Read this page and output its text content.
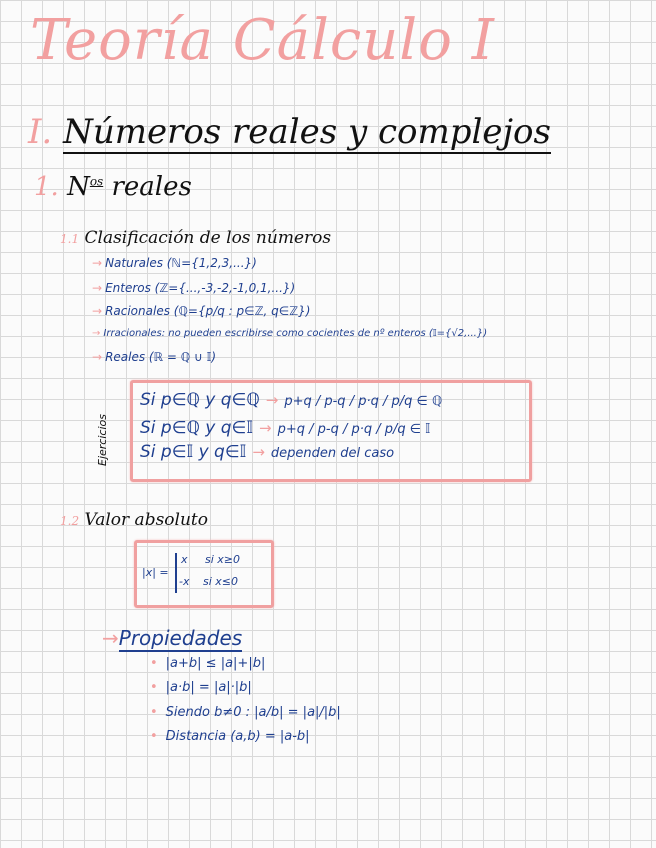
Teoría Cálculo I
I. Números reales y complejos
1. $N^{os}$ reales
1.1 Clasificación de los números
→ Naturales (ℕ={1,2,3,...})
→ Enteros (ℤ={...,-3,-2,-1,0,1,...})
→ Racionales (ℚ={p/q : p∈ℤ, q∈ℤ})
→ Irracionales: no pueden escribirse como cocientes de nº enteros (𝕀={√2,...})
→ Reales (ℝ = ℚ ∪ 𝕀)
Ejercicios
Si p∈ℚ y q∈ℚ → p+q / p-q / p·q / p/q ∈ ℚ
Si p∈ℚ y q∈𝕀 → p+q / p-q / p·q / p/q ∈ 𝕀
Si p∈𝕀 y q∈𝕀 → dependen del caso
1.2 Valor absoluto
|x| =
x si x≥0
-x si x≤0
→Propiedades
• |a+b| ≤ |a|+|b|
• |a·b| = |a|·|b|
• Siendo b≠0 : |a/b| = |a|/|b|
• Distancia (a,b) = |a-b|
